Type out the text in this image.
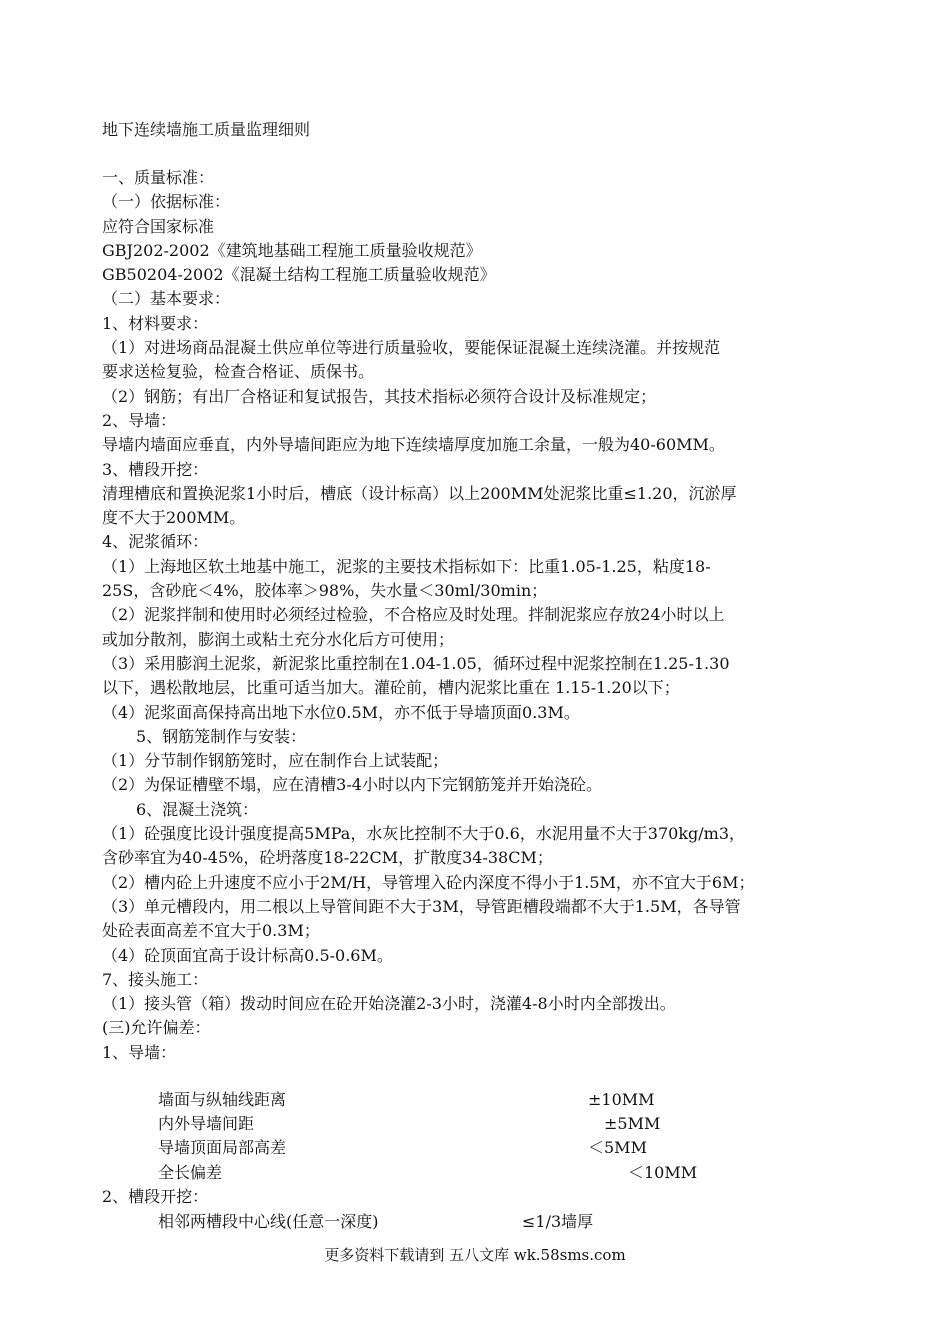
地下连续墙施工质量监理细则
一、质量标准：
（一）依据标准：
应符合国家标准
GBJ202-2002《建筑地基础工程施工质量验收规范》
GB50204-2002《混凝土结构工程施工质量验收规范》
（二）基本要求：
1、材料要求：
（1）对进场商品混凝土供应单位等进行质量验收，要能保证混凝土连续浇灌。并按规范
要求送检复验，检查合格证、质保书。
（2）钢筋；有出厂合格证和复试报告，其技术指标必须符合设计及标准规定；
2、导墙：
导墙内墙面应垂直，内外导墙间距应为地下连续墙厚度加施工余量，一般为40-60MM。
3、槽段开挖：
清理槽底和置换泥浆1小时后，槽底（设计标高）以上200MM处泥浆比重≤1.20，沉淤厚
度不大于200MM。
4、泥浆循环：
（1）上海地区软土地基中施工，泥浆的主要技术指标如下：比重1.05-1.25，粘度18-
25S，含砂庇＜4%，胶体率＞98%，失水量＜30ml/30min；
（2）泥浆拌制和使用时必须经过检验，不合格应及时处理。拌制泥浆应存放24小时以上
或加分散剂，膨润土或粘土充分水化后方可使用；
（3）采用膨润土泥浆，新泥浆比重控制在1.04-1.05，循环过程中泥浆控制在1.25-1.30
以下，遇松散地层，比重可适当加大。灌砼前，槽内泥浆比重在 1.15-1.20以下；
（4）泥浆面高保持高出地下水位0.5M，亦不低于导墙顶面0.3M。
5、钢筋笼制作与安装：
（1）分节制作钢筋笼时，应在制作台上试装配；
（2）为保证槽壁不塌，应在清槽3-4小时以内下完钢筋笼并开始浇砼。
6、混凝土浇筑：
（1）砼强度比设计强度提高5MPa，水灰比控制不大于0.6，水泥用量不大于370kg/m3，
含砂率宜为40-45%，砼坍落度18-22CM，扩散度34-38CM；
（2）槽内砼上升速度不应小于2M/H，导管埋入砼内深度不得小于1.5M，亦不宜大于6M；
（3）单元槽段内，用二根以上导管间距不大于3M，导管距槽段端都不大于1.5M，各导管
处砼表面高差不宜大于0.3M；
（4）砼顶面宜高于设计标高0.5-0.6M。
7、接头施工：
（1）接头管（箱）拨动时间应在砼开始浇灌2-3小时，浇灌4-8小时内全部拨出。
(三)允许偏差：
1、导墙：
墙面与纵轴线距离	±10MM
内外导墙间距	±5MM
导墙顶面局部高差	＜5MM
全长偏差	＜10MM
2、槽段开挖：
相邻两槽段中心线(任意一深度)	≤1/3墙厚
更多资料下载请到 五八文库 wk.58sms.com
